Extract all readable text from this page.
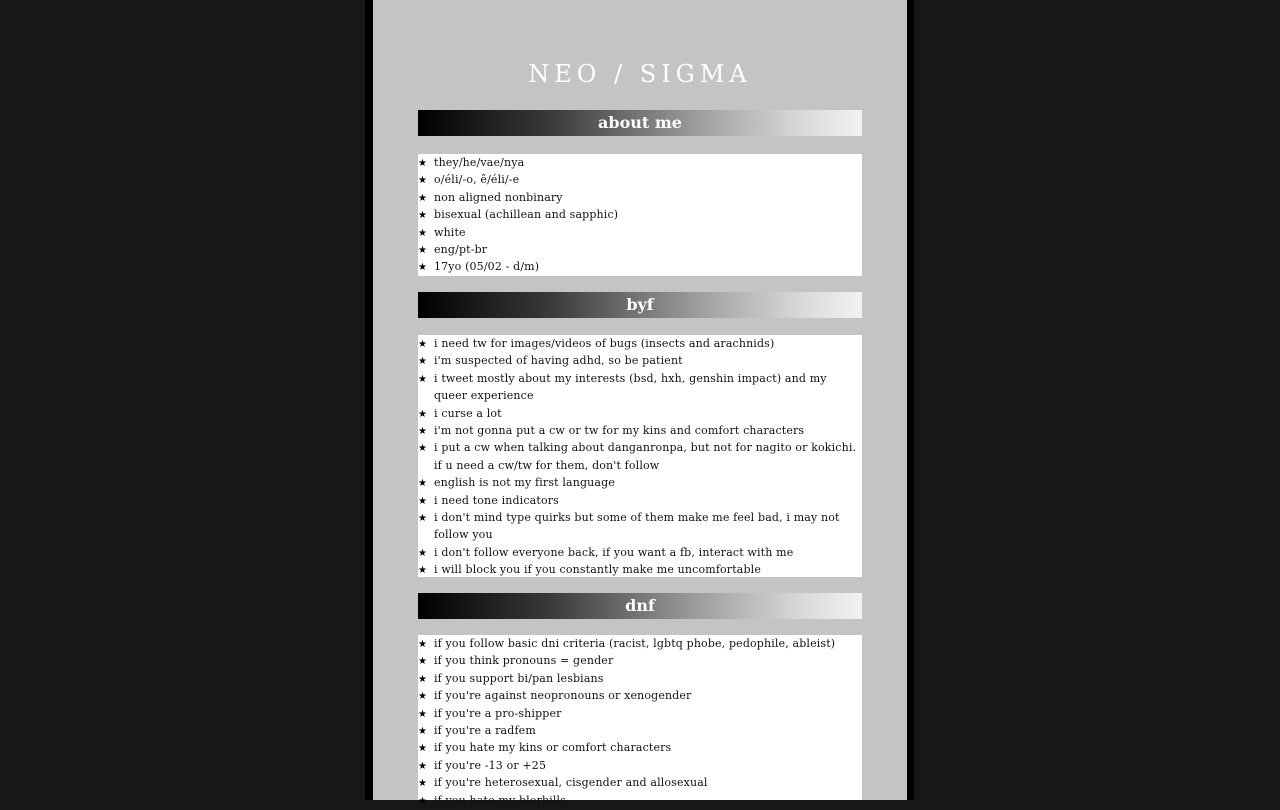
NEO / SIGMA
about me
★ they/he/vae/nya
★ o/éli/-o, ê/éli/-e
★ non aligned nonbinary
★ bisexual (achillean and sapphic)
★ white
★ eng/pt-br
★ 17yo (05/02 - d/m)
byf
★ i need tw for images/videos of bugs (insects and arachnids)
★ i'm suspected of having adhd, so be patient
★ i tweet mostly about my interests (bsd, hxh, genshin impact) and my queer experience
★ i curse a lot
★ i'm not gonna put a cw or tw for my kins and comfort characters
★ i put a cw when talking about danganronpa, but not for nagito or kokichi. if u need a cw/tw for them, don't follow
★ english is not my first language
★ i need tone indicators
★ i don't mind type quirks but some of them make me feel bad, i may not follow you
★ i don't follow everyone back, if you want a fb, interact with me
★ i will block you if you constantly make me uncomfortable
dnf
★ if you follow basic dni criteria (racist, lgbtq phobe, pedophile, ableist)
★ if you think pronouns = gender
★ if you support bi/pan lesbians
★ if you're against neopronouns or xenogender
★ if you're a pro-shipper
★ if you're a radfem
★ if you hate my kins or comfort characters
★ if you're -13 or +25
★ if you're heterosexual, cisgender and allosexual
★ if you hate my blorbills
